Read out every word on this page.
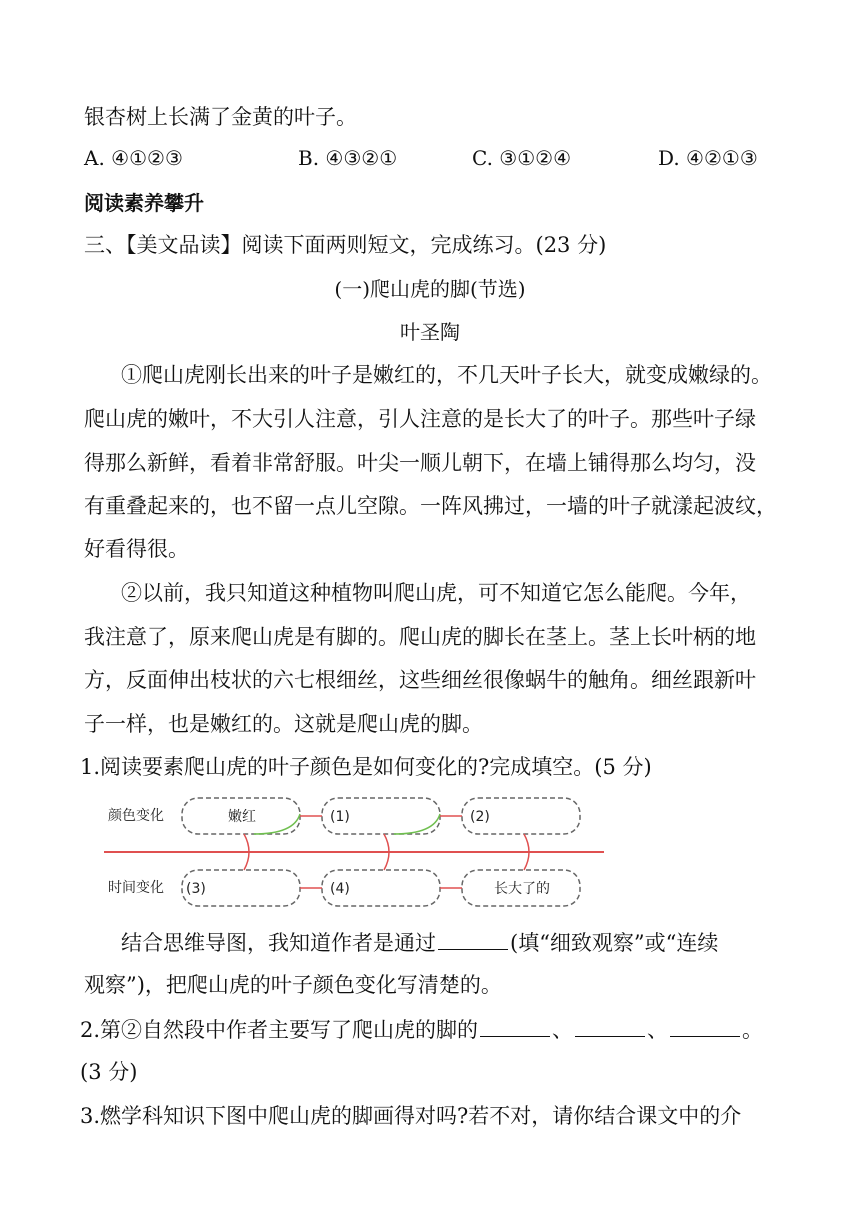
银杏树上长满了金黄的叶子。
A. ④①②③	B. ④③②①	C. ③①②④	D. ④②①③
阅读素养攀升
三、【美文品读】阅读下面两则短文，完成练习。(23 分)
(一)爬山虎的脚(节选)
叶圣陶
①爬山虎刚长出来的叶子是嫩红的，不几天叶子长大，就变成嫩绿的。
爬山虎的嫩叶，不大引人注意，引人注意的是长大了的叶子。那些叶子绿
得那么新鲜，看着非常舒服。叶尖一顺儿朝下，在墙上铺得那么均匀，没
有重叠起来的，也不留一点儿空隙。一阵风拂过，一墙的叶子就漾起波纹，
好看得很。
②以前，我只知道这种植物叫爬山虎，可不知道它怎么能爬。今年，
我注意了，原来爬山虎是有脚的。爬山虎的脚长在茎上。茎上长叶柄的地
方，反面伸出枝状的六七根细丝，这些细丝很像蜗牛的触角。细丝跟新叶
子一样，也是嫩红的。这就是爬山虎的脚。
1.阅读要素爬山虎的叶子颜色是如何变化的?完成填空。(5 分)
颜色变化
时间变化
嫩红	(1)	(2)
(3)	(4)	长大了的
结合思维导图，我知道作者是通过	(填“细致观察”或“连续
观察”)，把爬山虎的叶子颜色变化写清楚的。
2.第②自然段中作者主要写了爬山虎的脚的	、	、	。
(3 分)
3.燃学科知识下图中爬山虎的脚画得对吗?若不对，请你结合课文中的介
